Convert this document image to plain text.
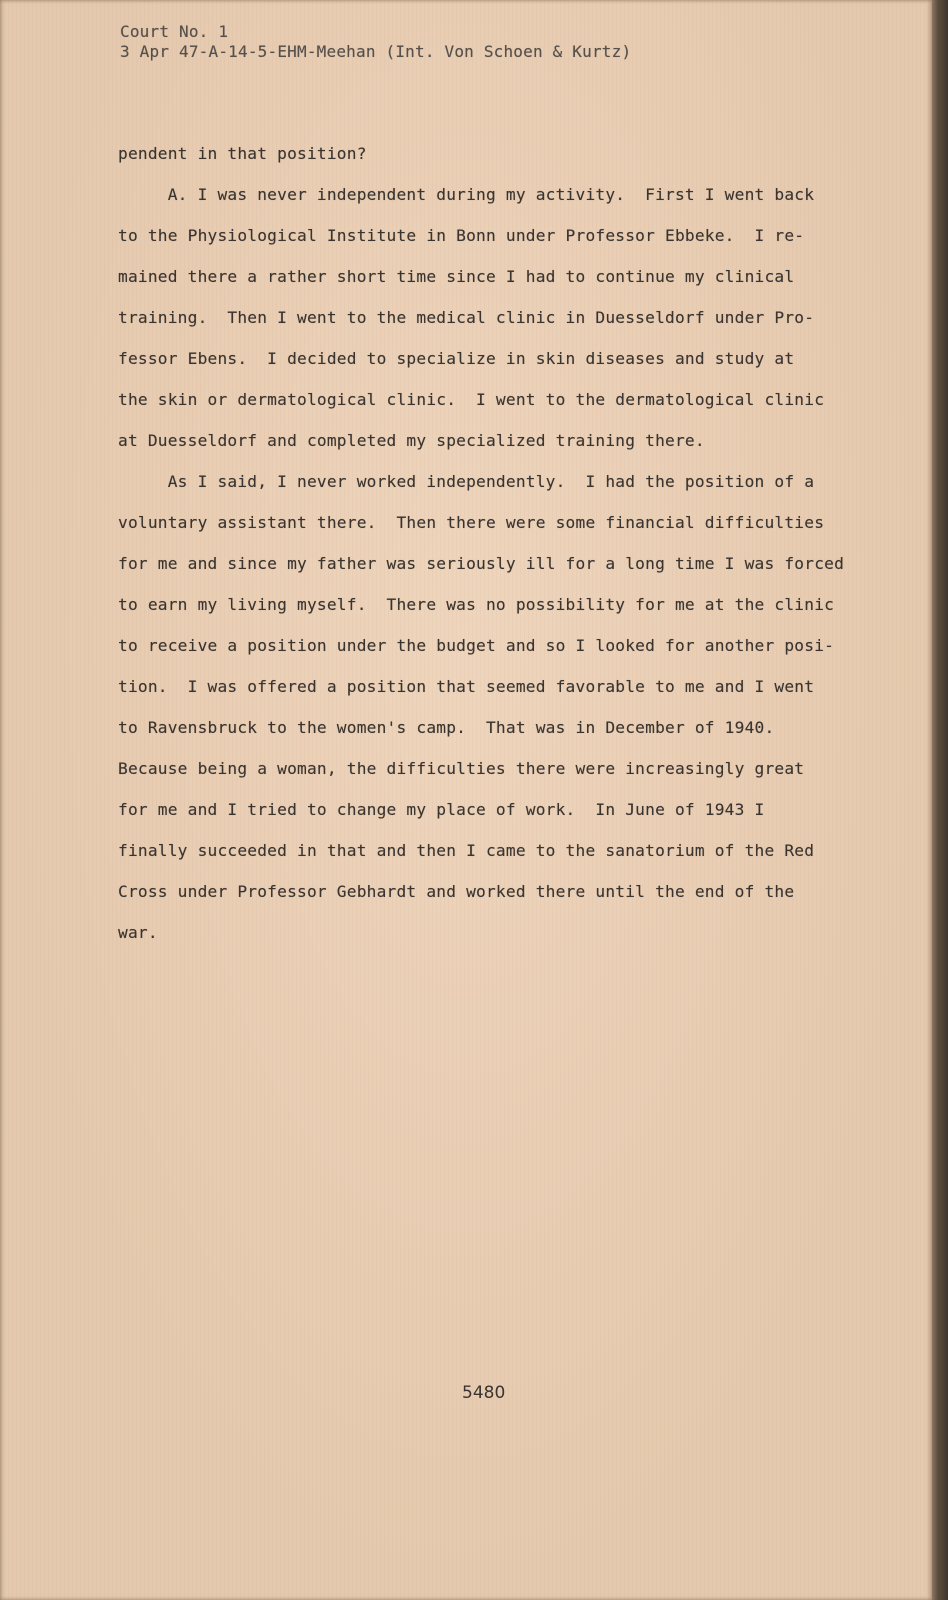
Court No. 1

3 Apr 47-A-14-5-EHM-Meehan (Int. Von Schoen & Kurtz)

pendent in that position?

A. I was never independent during my activity.  First I went back

to the Physiological Institute in Bonn under Professor Ebbeke.  I re-

mained there a rather short time since I had to continue my clinical

training.  Then I went to the medical clinic in Duesseldorf under Pro-

fessor Ebens.  I decided to specialize in skin diseases and study at

the skin or dermatological clinic.  I went to the dermatological clinic

at Duesseldorf and completed my specialized training there.

As I said, I never worked independently.  I had the position of a

voluntary assistant there.  Then there were some financial difficulties

for me and since my father was seriously ill for a long time I was forced

to earn my living myself.  There was no possibility for me at the clinic

to receive a position under the budget and so I looked for another posi-

tion.  I was offered a position that seemed favorable to me and I went

to Ravensbruck to the women's camp.  That was in December of 1940.

Because being a woman, the difficulties there were increasingly great

for me and I tried to change my place of work.  In June of 1943 I

finally succeeded in that and then I came to the sanatorium of the Red

Cross under Professor Gebhardt and worked there until the end of the

war.

5480
